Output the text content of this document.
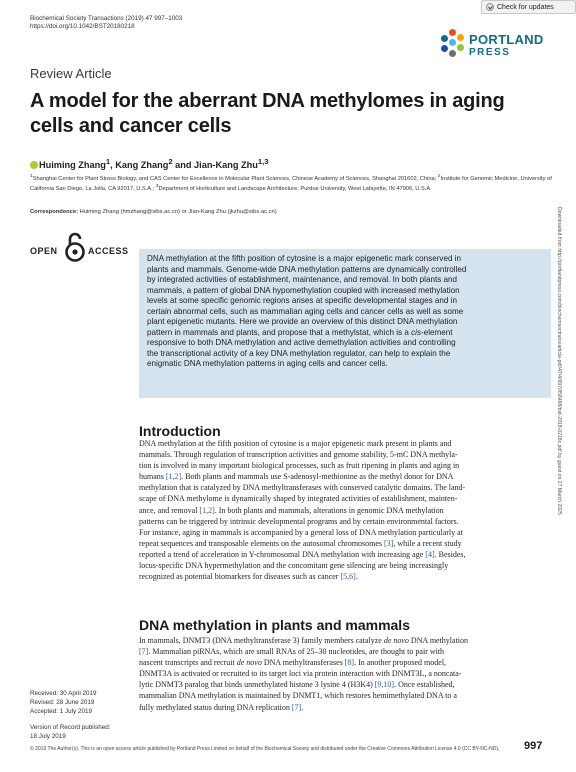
Biochemical Society Transactions (2019) 47 997–1003
https://doi.org/10.1042/BST20180218
Check for updates
PORTLAND
PRESS
Review Article
A model for the aberrant DNA methylomes in aging
cells and cancer cells
Huiming Zhang$^1$, Kang Zhang$^2$ and Jian-Kang Zhu$^{1,3}$
$^1$Shanghai Center for Plant Stress Biology, and CAS Center for Excellence in Molecular Plant Sciences, Chinese Academy of Sciences, Shanghai 201602, China; $^2$Institute for Genomic Medicine, University of California San Diego, La Jolla, CA 92017, U.S.A.; $^3$Department of Horticulture and Landscape Architecture, Purdue University, West Lafayette, IN 47906, U.S.A.
Correspondence: Huiming Zhang (hmzhang@sibs.ac.cn) or Jian-Kang Zhu (jkzhu@sibs.ac.cn)	Downloaded from http://portlandpress.com/biochemsoctrans/article-pdf/47/4/997/858498/bst-2018-0218c.pdf by guest on 27 March 2025
OPEN	ACCESS
DNA methylation at the fifth position of cytosine is a major epigenetic mark conserved in
plants and mammals. Genome-wide DNA methylation patterns are dynamically controlled
by integrated activities of establishment, maintenance, and removal. In both plants and
mammals, a pattern of global DNA hypomethylation coupled with increased methylation
levels at some specific genomic regions arises at specific developmental stages and in
certain abnormal cells, such as mammalian aging cells and cancer cells as well as some
plant epigenetic mutants. Here we provide an overview of this distinct DNA methylation
pattern in mammals and plants, and propose that a methylstat, which is a cis-element
responsive to both DNA methylation and active demethylation activities and controlling
the transcriptional activity of a key DNA methylation regulator, can help to explain the
enigmatic DNA methylation patterns in aging cells and cancer cells.
Introduction
DNA methylation at the fifth position of cytosine is a major epigenetic mark present in plants and
mammals. Through regulation of transcription activities and genome stability, 5-mC DNA methyla-
tion is involved in many important biological processes, such as fruit ripening in plants and aging in
humans [1,2]. Both plants and mammals use S-adenosyl-methionine as the methyl donor for DNA
methylation that is catalyzed by DNA methyltransferases with conserved catalytic domains. The land-
scape of DNA methylome is dynamically shaped by integrated activities of establishment, mainten-
ance, and removal [1,2]. In both plants and mammals, alterations in genomic DNA methylation
patterns can be triggered by intrinsic developmental programs and by certain environmental factors.
For instance, aging in mammals is accompanied by a general loss of DNA methylation particularly at
repeat sequences and transposable elements on the autosomal chromosomes [3], while a recent study
reported a trend of acceleration in Y-chromosomal DNA methylation with increasing age [4]. Besides,
locus-specific DNA hypermethylation and the concomitant gene silencing are being increasingly
recognized as potential biomarkers for diseases such as cancer [5,6].
DNA methylation in plants and mammals
In mammals, DNMT3 (DNA methyltransferase 3) family members catalyze de novo DNA methylation
[7]. Mammalian piRNAs, which are small RNAs of 25–30 nucleotides, are thought to pair with
nascent transcripts and recruit de novo DNA methyltransferases [8]. In another proposed model,
DNMT3A is activated or recruited to its target loci via protein interaction with DNMT3L, a noncata-
lytic DNMT3 paralog that binds unmethylated histone 3 lysine 4 (H3K4) [9,10]. Once established,
mammalian DNA methylation is maintained by DNMT1, which restores hemimethylated DNA to a
fully methylated status during DNA replication [7].
Received: 30 April 2019
Revised: 28 June 2019
Accepted: 1 July 2019
Version of Record published:
18 July 2019
© 2019 The Author(s). This is an open access article published by Portland Press Limited on behalf of the Biochemical Society and distributed under the Creative Commons Attribution License 4.0 (CC BY-NC-ND). 997
